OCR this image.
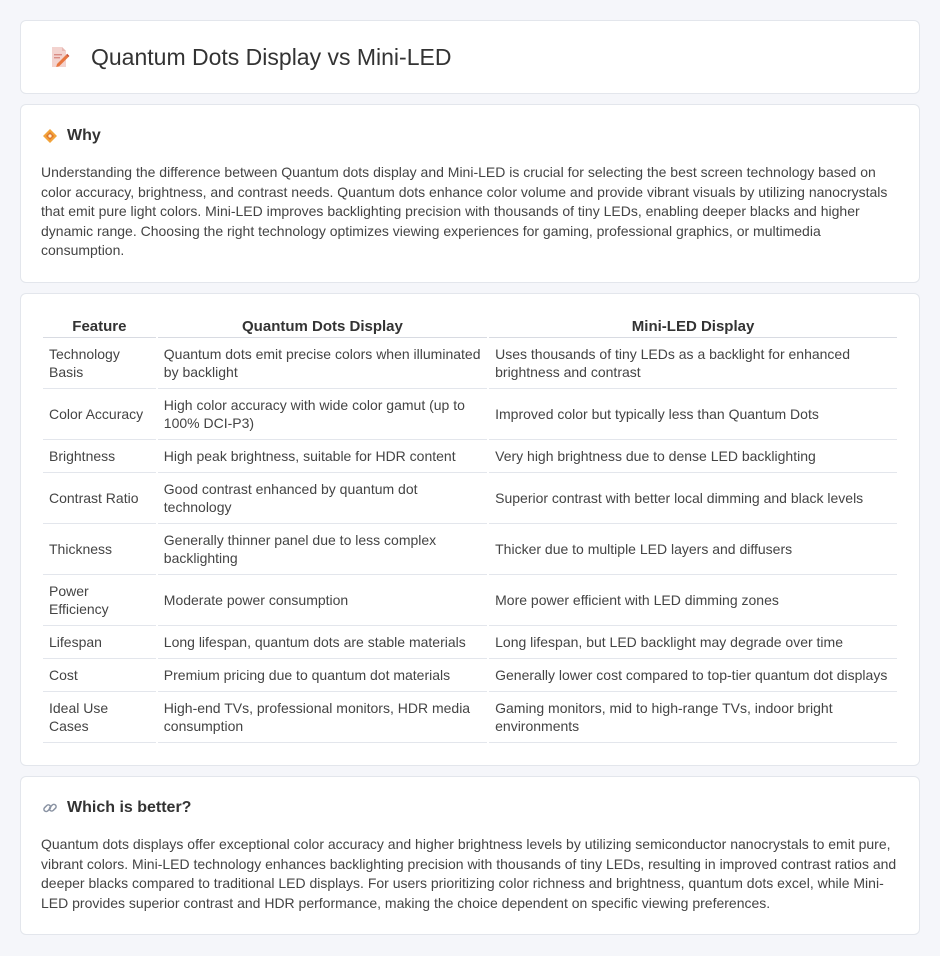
Quantum Dots Display vs Mini-LED
Why

Understanding the difference between Quantum dots display and Mini-LED is crucial for selecting the best screen technology based on color accuracy, brightness, and contrast needs. Quantum dots enhance color volume and provide vibrant visuals by utilizing nanocrystals that emit pure light colors. Mini-LED improves backlighting precision with thousands of tiny LEDs, enabling deeper blacks and higher dynamic range. Choosing the right technology optimizes viewing experiences for gaming, professional graphics, or multimedia consumption.

Feature	Quantum Dots Display	Mini-LED Display
Technology Basis	Quantum dots emit precise colors when illuminated by backlight	Uses thousands of tiny LEDs as a backlight for enhanced brightness and contrast
Color Accuracy	High color accuracy with wide color gamut (up to 100% DCI-P3)	Improved color but typically less than Quantum Dots
Brightness	High peak brightness, suitable for HDR content	Very high brightness due to dense LED backlighting
Contrast Ratio	Good contrast enhanced by quantum dot technology	Superior contrast with better local dimming and black levels
Thickness	Generally thinner panel due to less complex backlighting	Thicker due to multiple LED layers and diffusers
Power Efficiency	Moderate power consumption	More power efficient with LED dimming zones
Lifespan	Long lifespan, quantum dots are stable materials	Long lifespan, but LED backlight may degrade over time
Cost	Premium pricing due to quantum dot materials	Generally lower cost compared to top-tier quantum dot displays
Ideal Use Cases	High-end TVs, professional monitors, HDR media consumption	Gaming monitors, mid to high-range TVs, indoor bright environments
Which is better?

Quantum dots displays offer exceptional color accuracy and higher brightness levels by utilizing semiconductor nanocrystals to emit pure, vibrant colors. Mini-LED technology enhances backlighting precision with thousands of tiny LEDs, resulting in improved contrast ratios and deeper blacks compared to traditional LED displays. For users prioritizing color richness and brightness, quantum dots excel, while Mini-LED provides superior contrast and HDR performance, making the choice dependent on specific viewing preferences.
